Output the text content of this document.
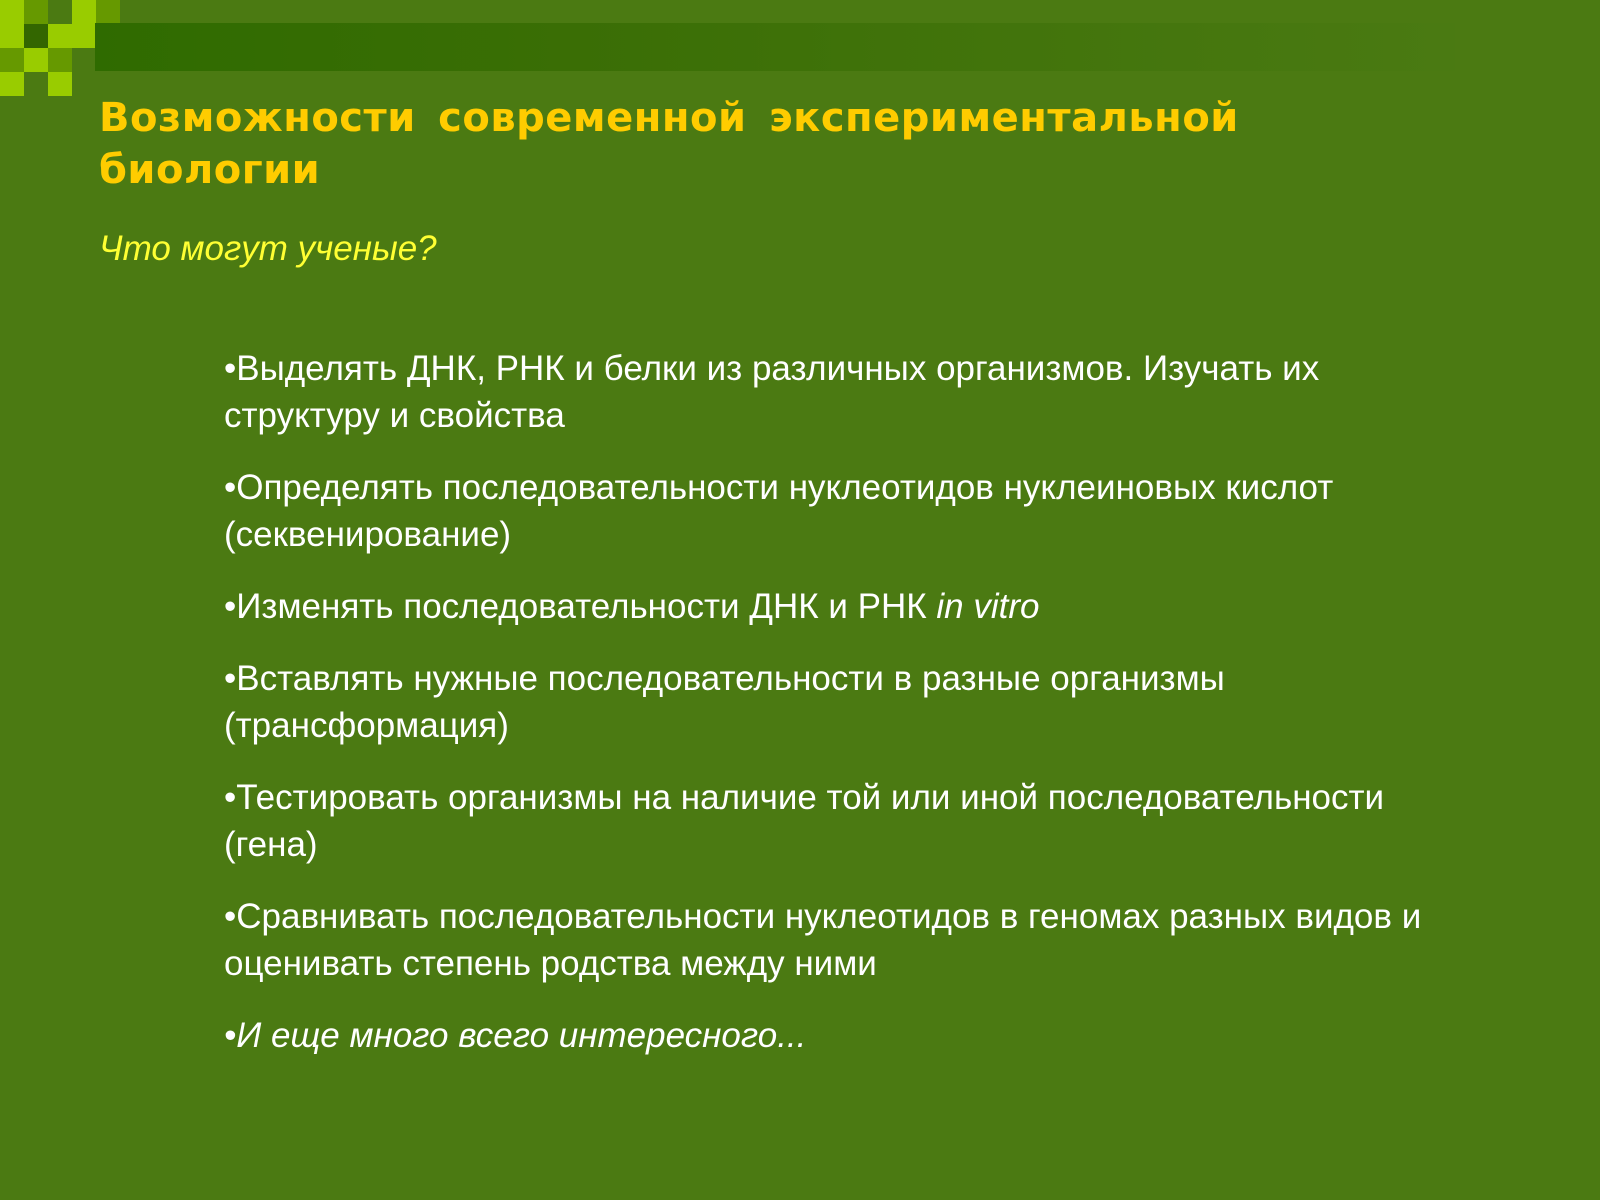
Возможности современной экспериментальной биологии

Что могут ученые?

•Выделять ДНК, РНК и белки из различных организмов. Изучать их структуру и свойства
•Определять последовательности нуклеотидов нуклеиновых кислот (секвенирование)
•Изменять последовательности ДНК и РНК in vitro
•Вставлять нужные последовательности в разные организмы (трансформация)
•Тестировать организмы на наличие той или иной последовательности (гена)
•Сравнивать последовательности нуклеотидов в геномах разных видов и оценивать степень родства между ними
•И еще много всего интересного...
